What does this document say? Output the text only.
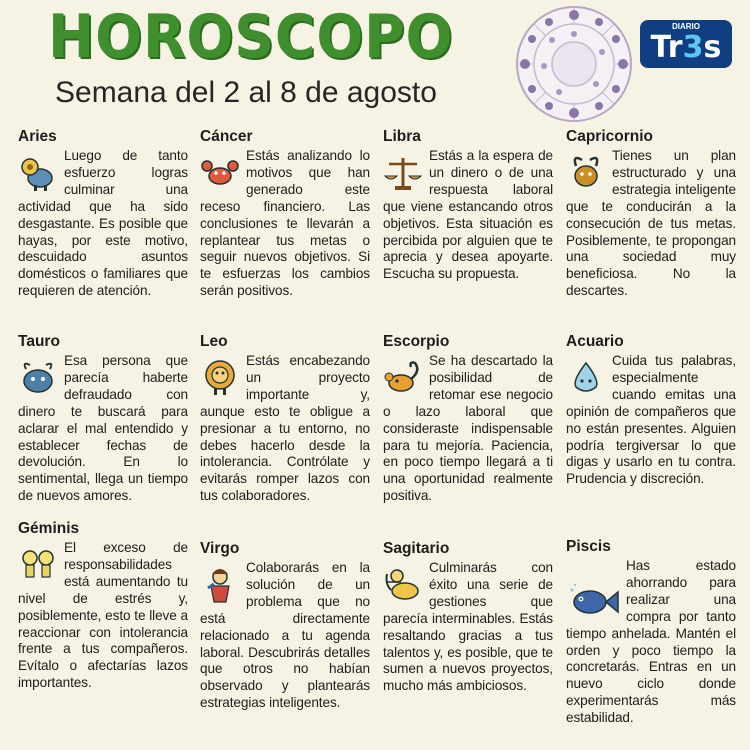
HOROSCOPO
Semana del 2 al 8 de agosto
DIARIO
Tr3s
Aries
Luego de tanto esfuerzo logras culminar una actividad que ha sido desgastante. Es posible que hayas, por este motivo, descuidado asuntos domésticos o familiares que requieren de atención.
Tauro
Esa persona que parecía haberte defraudado con dinero te buscará para aclarar el mal entendido y establecer fechas de devolución. En lo sentimental, llega un tiempo de nuevos amores.
Géminis
El exceso de responsabilidades está aumentando tu nivel de estrés y, posiblemente, esto te lleve a reaccionar con intolerancia frente a tus compañeros. Evítalo o afectarías lazos importantes.
Cáncer
Estás analizando lo motivos que han generado este receso financiero. Las conclusiones te llevarán a replantear tus metas o seguir nuevos objetivos. Si te esfuerzas los cambios serán positivos.
Leo
Estás encabezando un proyecto importante y, aunque esto te obligue a presionar a tu entorno, no debes hacerlo desde la intolerancia. Contrólate y evitarás romper lazos con tus colaboradores.
Virgo
Colaborarás en la solución de un problema que no está directamente relacionado a tu agenda laboral. Descubrirás detalles que otros no habían observado y plantearás estrategias inteligentes.
Libra
Estás a la espera de un dinero o de una respuesta laboral que viene estancando otros objetivos. Esta situación es percibida por alguien que te aprecia y desea apoyarte. Escucha su propuesta.
Escorpio
Se ha descartado la posibilidad de retomar ese negocio o lazo laboral que consideraste indispensable para tu mejoría. Paciencia, en poco tiempo llegará a ti una oportunidad realmente positiva.
Sagitario
Culminarás con éxito una serie de gestiones que parecía interminables. Estás resaltando gracias a tus talentos y, es posible, que te sumen a nuevos proyectos, mucho más ambiciosos.
Capricornio
Tienes un plan estructurado y una estrategia inteligente que te conducirán a la consecución de tus metas. Posiblemente, te propongan una sociedad muy beneficiosa. No la descartes.
Acuario
Cuida tus palabras, especialmente cuando emitas una opinión de compañeros que no están presentes. Alguien podría tergiversar lo que digas y usarlo en tu contra. Prudencia y discreción.
Piscis
Has estado ahorrando para realizar una compra por tanto tiempo anhelada. Mantén el orden y poco tiempo la concretarás. Entras en un nuevo ciclo donde experimentarás más estabilidad.
